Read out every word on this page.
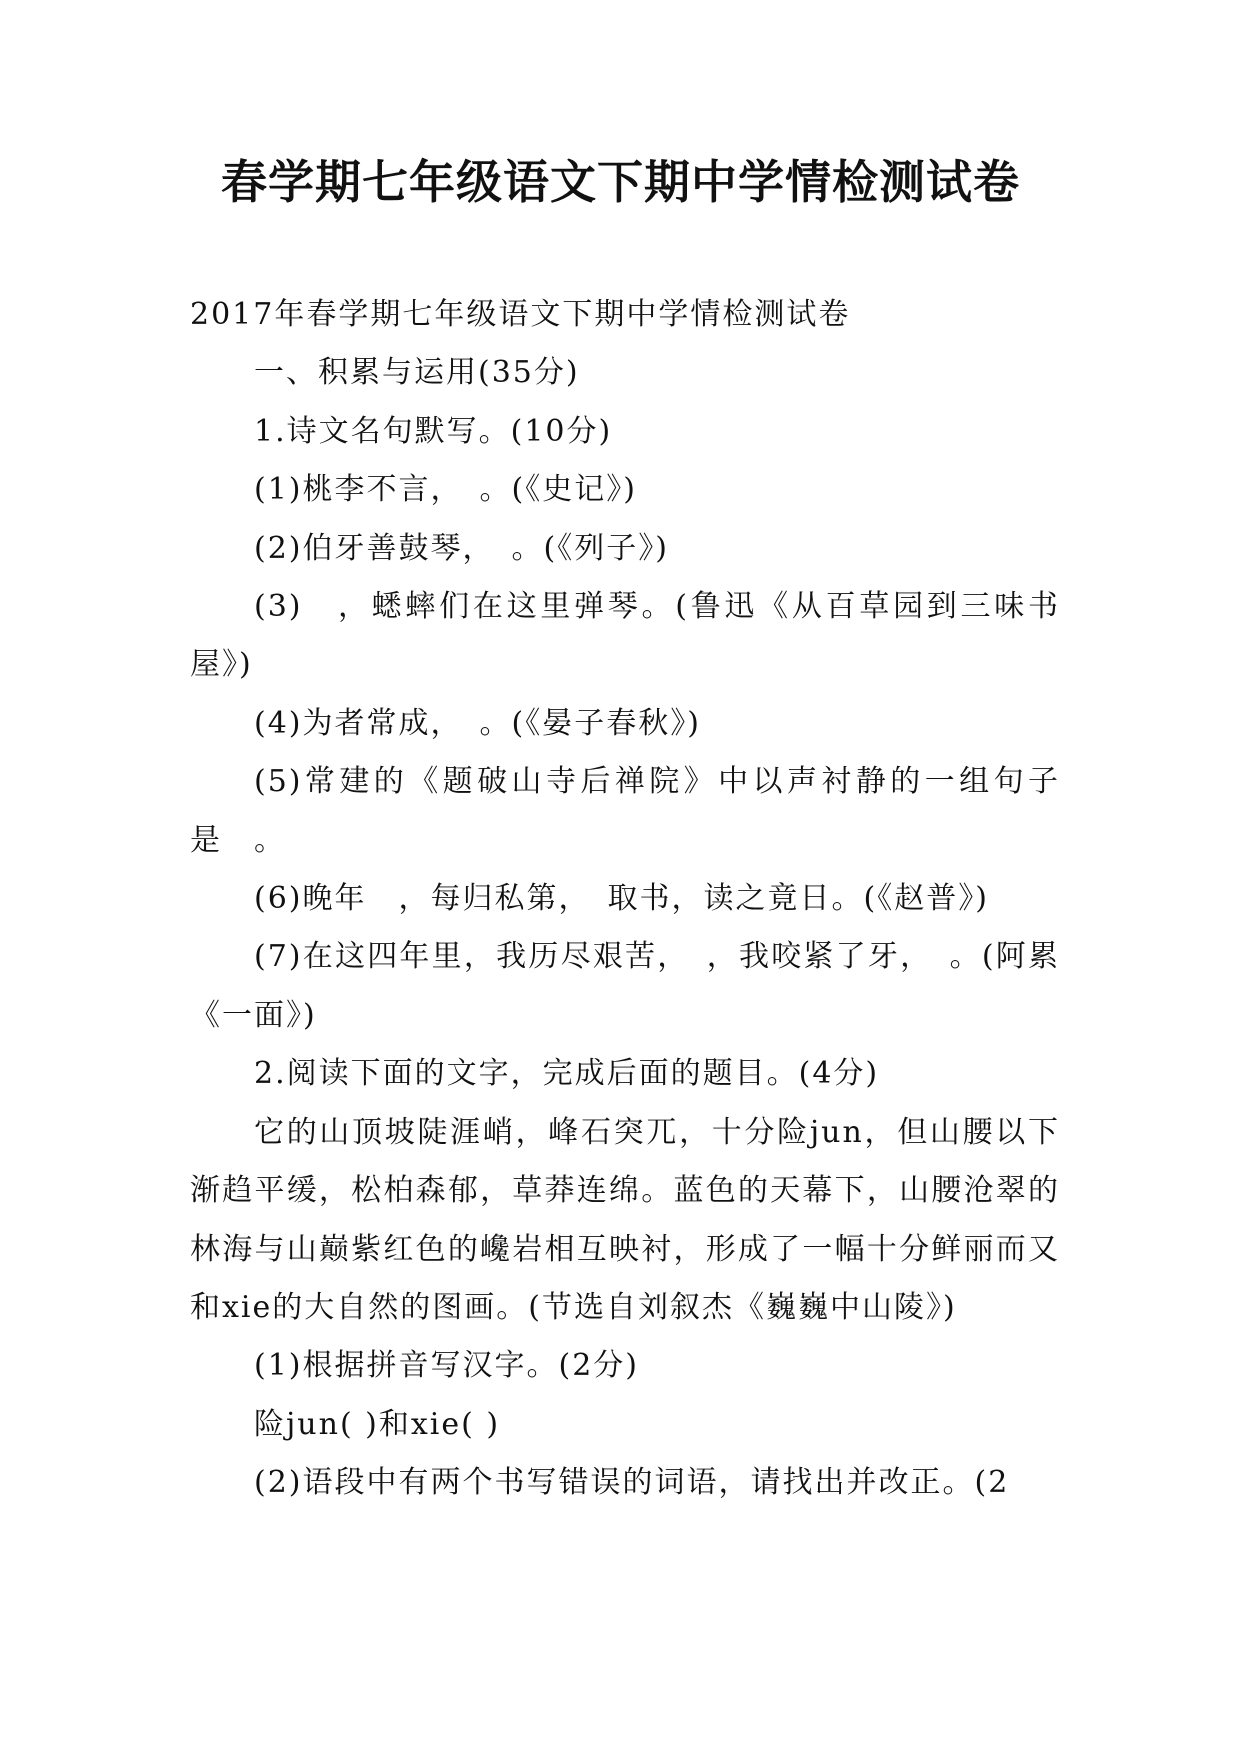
春学期七年级语文下期中学情检测试卷

2017年春学期七年级语文下期中学情检测试卷

一、积累与运用(35分)

1.诗文名句默写。(10分)

(1)桃李不言，　。(《史记》)

(2)伯牙善鼓琴，　。(《列子》)

(3)　，蟋蟀们在这里弹琴。(鲁迅《从百草园到三味书屋》)

(4)为者常成，　。(《晏子春秋》)

(5)常建的《题破山寺后禅院》中以声衬静的一组句子是　。

(6)晚年　，每归私第，　取书，读之竟日。(《赵普》)

(7)在这四年里，我历尽艰苦，　，我咬紧了牙，　。(阿累《一面》)

2.阅读下面的文字，完成后面的题目。(4分)

它的山顶坡陡涯峭，峰石突兀，十分险jun，但山腰以下渐趋平缓，松柏森郁，草莽连绵。蓝色的天幕下，山腰沧翠的林海与山巅紫红色的巉岩相互映衬，形成了一幅十分鲜丽而又和xie的大自然的图画。(节选自刘叙杰《巍巍中山陵》)

(1)根据拼音写汉字。(2分)

险jun( )和xie( )

(2)语段中有两个书写错误的词语，请找出并改正。(2
